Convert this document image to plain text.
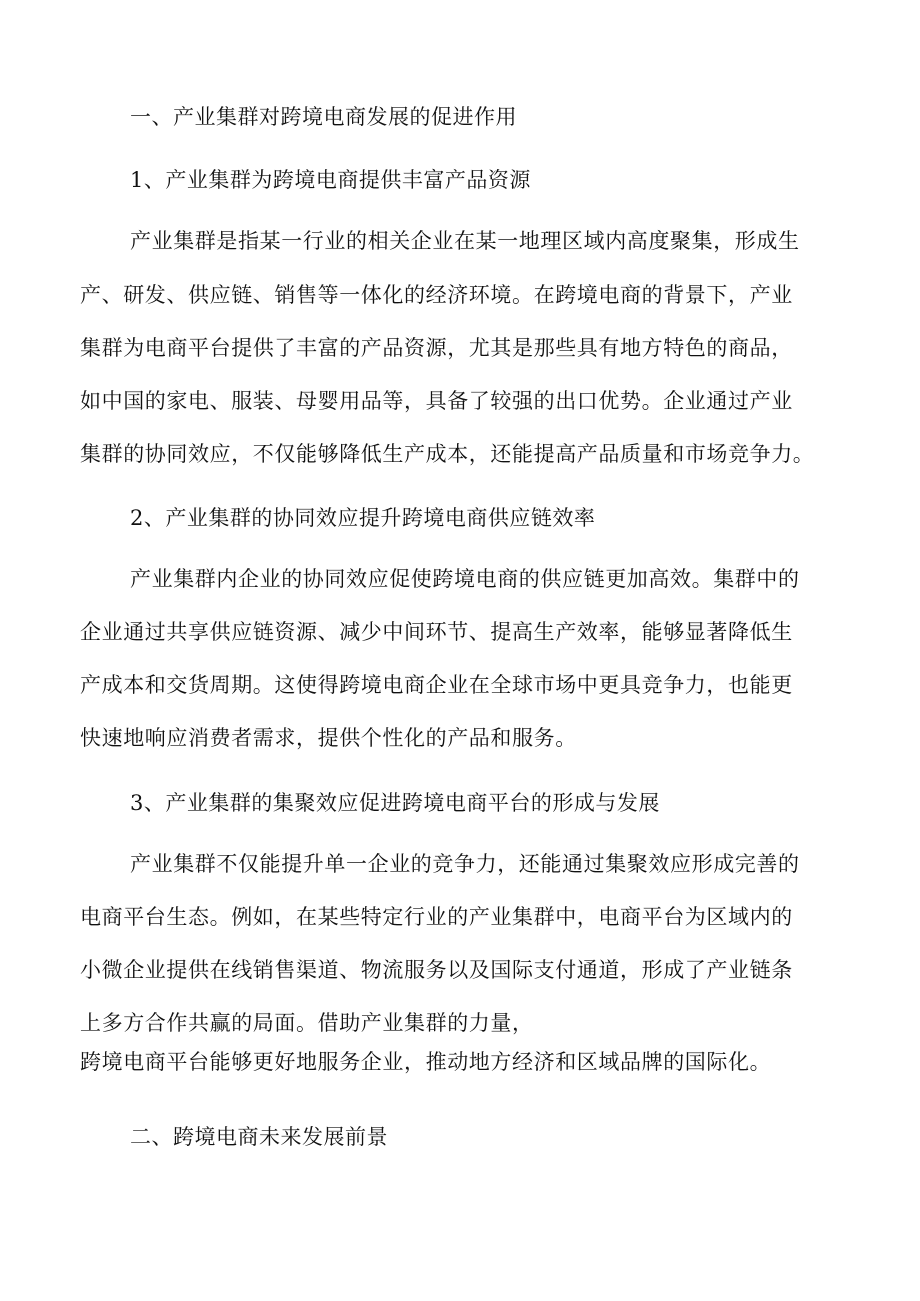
一、产业集群对跨境电商发展的促进作用
1、产业集群为跨境电商提供丰富产品资源
产业集群是指某一行业的相关企业在某一地理区域内高度聚集，形成生
产、研发、供应链、销售等一体化的经济环境。在跨境电商的背景下，产业
集群为电商平台提供了丰富的产品资源，尤其是那些具有地方特色的商品，
如中国的家电、服装、母婴用品等，具备了较强的出口优势。企业通过产业
集群的协同效应，不仅能够降低生产成本，还能提高产品质量和市场竞争力。
2、产业集群的协同效应提升跨境电商供应链效率
产业集群内企业的协同效应促使跨境电商的供应链更加高效。集群中的
企业通过共享供应链资源、减少中间环节、提高生产效率，能够显著降低生
产成本和交货周期。这使得跨境电商企业在全球市场中更具竞争力，也能更
快速地响应消费者需求，提供个性化的产品和服务。
3、产业集群的集聚效应促进跨境电商平台的形成与发展
产业集群不仅能提升单一企业的竞争力，还能通过集聚效应形成完善的
电商平台生态。例如，在某些特定行业的产业集群中，电商平台为区域内的
小微企业提供在线销售渠道、物流服务以及国际支付通道，形成了产业链条
上多方合作共赢的局面。借助产业集群的力量，
跨境电商平台能够更好地服务企业，推动地方经济和区域品牌的国际化。
二、跨境电商未来发展前景
